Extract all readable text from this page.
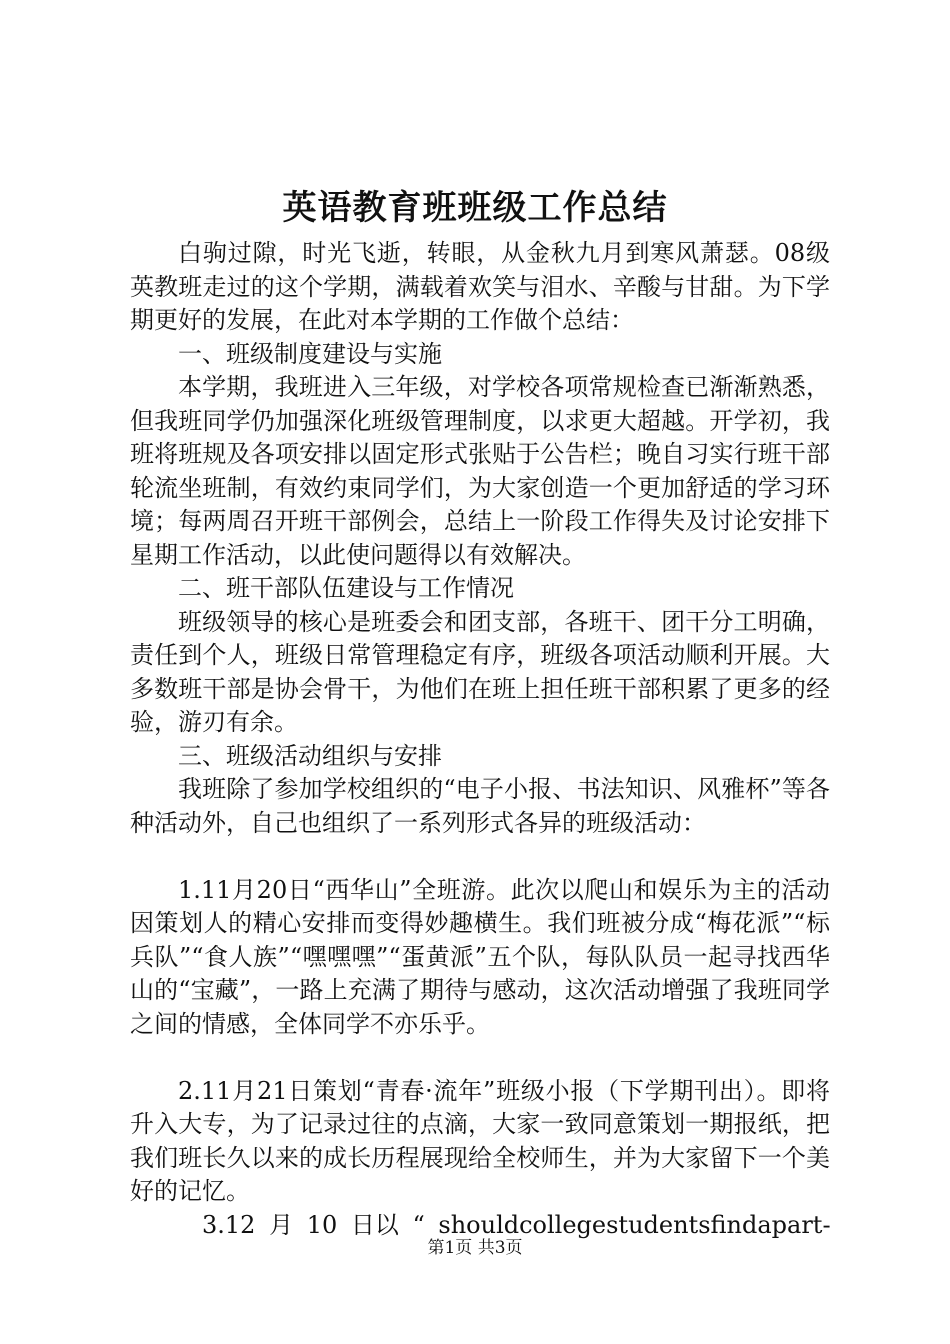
英语教育班班级工作总结

白驹过隙，时光飞逝，转眼，从金秋九月到寒风萧瑟。08级英教班走过的这个学期，满载着欢笑与泪水、辛酸与甘甜。为下学期更好的发展，在此对本学期的工作做个总结：

一、班级制度建设与实施

本学期，我班进入三年级，对学校各项常规检查已渐渐熟悉，但我班同学仍加强深化班级管理制度，以求更大超越。开学初，我班将班规及各项安排以固定形式张贴于公告栏；晚自习实行班干部轮流坐班制，有效约束同学们，为大家创造一个更加舒适的学习环境；每两周召开班干部例会，总结上一阶段工作得失及讨论安排下星期工作活动，以此使问题得以有效解决。

二、班干部队伍建设与工作情况

班级领导的核心是班委会和团支部，各班干、团干分工明确，责任到个人，班级日常管理稳定有序，班级各项活动顺利开展。大多数班干部是协会骨干，为他们在班上担任班干部积累了更多的经验，游刃有余。

三、班级活动组织与安排

我班除了参加学校组织的“电子小报、书法知识、风雅杯”等各种活动外，自己也组织了一系列形式各异的班级活动：

1.11月20日“西华山”全班游。此次以爬山和娱乐为主的活动因策划人的精心安排而变得妙趣横生。我们班被分成“梅花派”“标兵队”“食人族”“嘿嘿嘿”“蛋黄派”五个队，每队队员一起寻找西华山的“宝藏”，一路上充满了期待与感动，这次活动增强了我班同学之间的情感，全体同学不亦乐乎。

2.11月21日策划“青春·流年”班级小报（下学期刊出）。即将升入大专，为了记录过往的点滴，大家一致同意策划一期报纸，把我们班长久以来的成长历程展现给全校师生，并为大家留下一个美好的记忆。

3.12 月 10 日以 “ shouldcollegestudentsfindapart-

第1页 共3页
